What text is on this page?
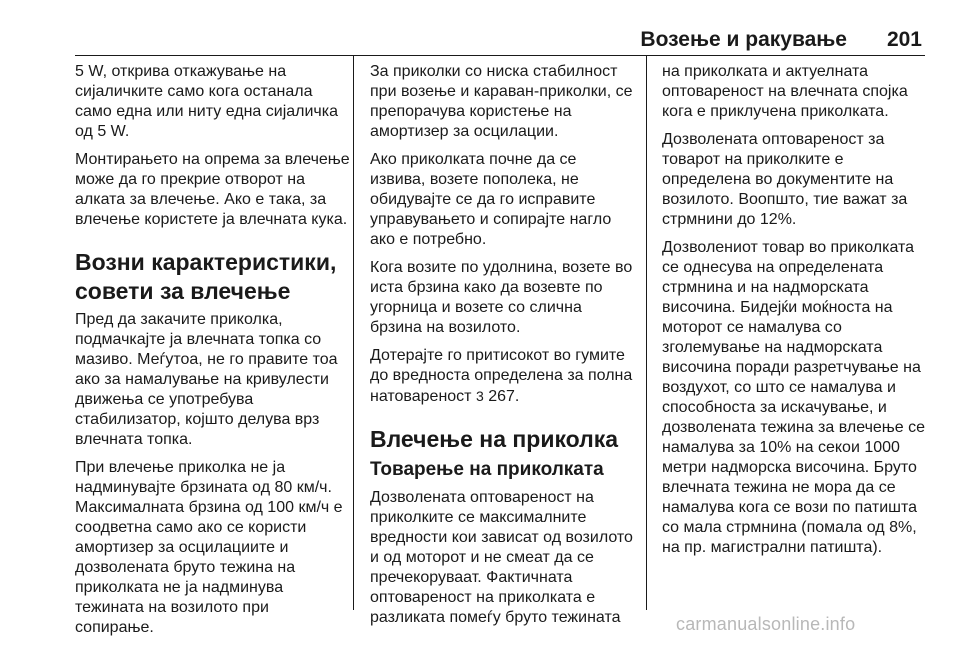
Возење и ракување 201

5 W, открива откажување на сијаличките само кога останала само една или ниту една сијаличка од 5 W.

Монтирањето на опрема за влечење може да го прекрие отворот на алката за влечење. Ако е така, за влечење користете ја влечната кука.

Возни карактеристики, совети за влечење

Пред да закачите приколка, подмачкајте ја влечната топка со мазиво. Меѓутоа, не го правите тоа ако за намалување на кривулести движења се употребува стабилизатор, којшто делува врз влечната топка.

При влечење приколка не ја надминувајте брзината од 80 км/ч. Максималната брзина од 100 км/ч е соодветна само ако се користи амортизер за осцилациите и дозволената бруто тежина на приколката не ја надминува тежината на возилото при сопирање.

За приколки со ниска стабилност при возење и караван-приколки, се препорачува користење на амортизер за осцилации.

Ако приколката почне да се извива, возете пополека, не обидувајте се да го исправите управувањето и сопирајте нагло ако е потребно.

Кога возите по удолнина, возете во иста брзина како да возевте по угорница и возете со слична брзина на возилото.

Дотерајте го притисокот во гумите до вредноста определена за полна натовареност 3 267.

Влечење на приколка
Товарење на приколката

Дозволената оптовареност на приколките се максималните вредности кои зависат од возилото и од моторот и не смеат да се пречекоруваат. Фактичната оптовареност на приколката е разликата помеѓу бруто тежината

на приколката и актуелната оптовареност на влечната спојка кога е приклучена приколката.

Дозволената оптовареност за товарот на приколките е определена во документите на возилото. Воопшто, тие важат за стрмнини до 12%.

Дозволениот товар во приколката се однесува на определената стрмнина и на надморската височина. Бидејќи моќноста на моторот се намалува со зголемување на надморската височина поради разретчување на воздухот, со што се намалува и способноста за искачување, и дозволената тежина за влечење се намалува за 10% на секои 1000 метри надморска височина. Бруто влечната тежина не мора да се намалува кога се вози по патишта со мала стрмнина (помала од 8%, на пр. магистрални патишта).

carmanualsonline.info
